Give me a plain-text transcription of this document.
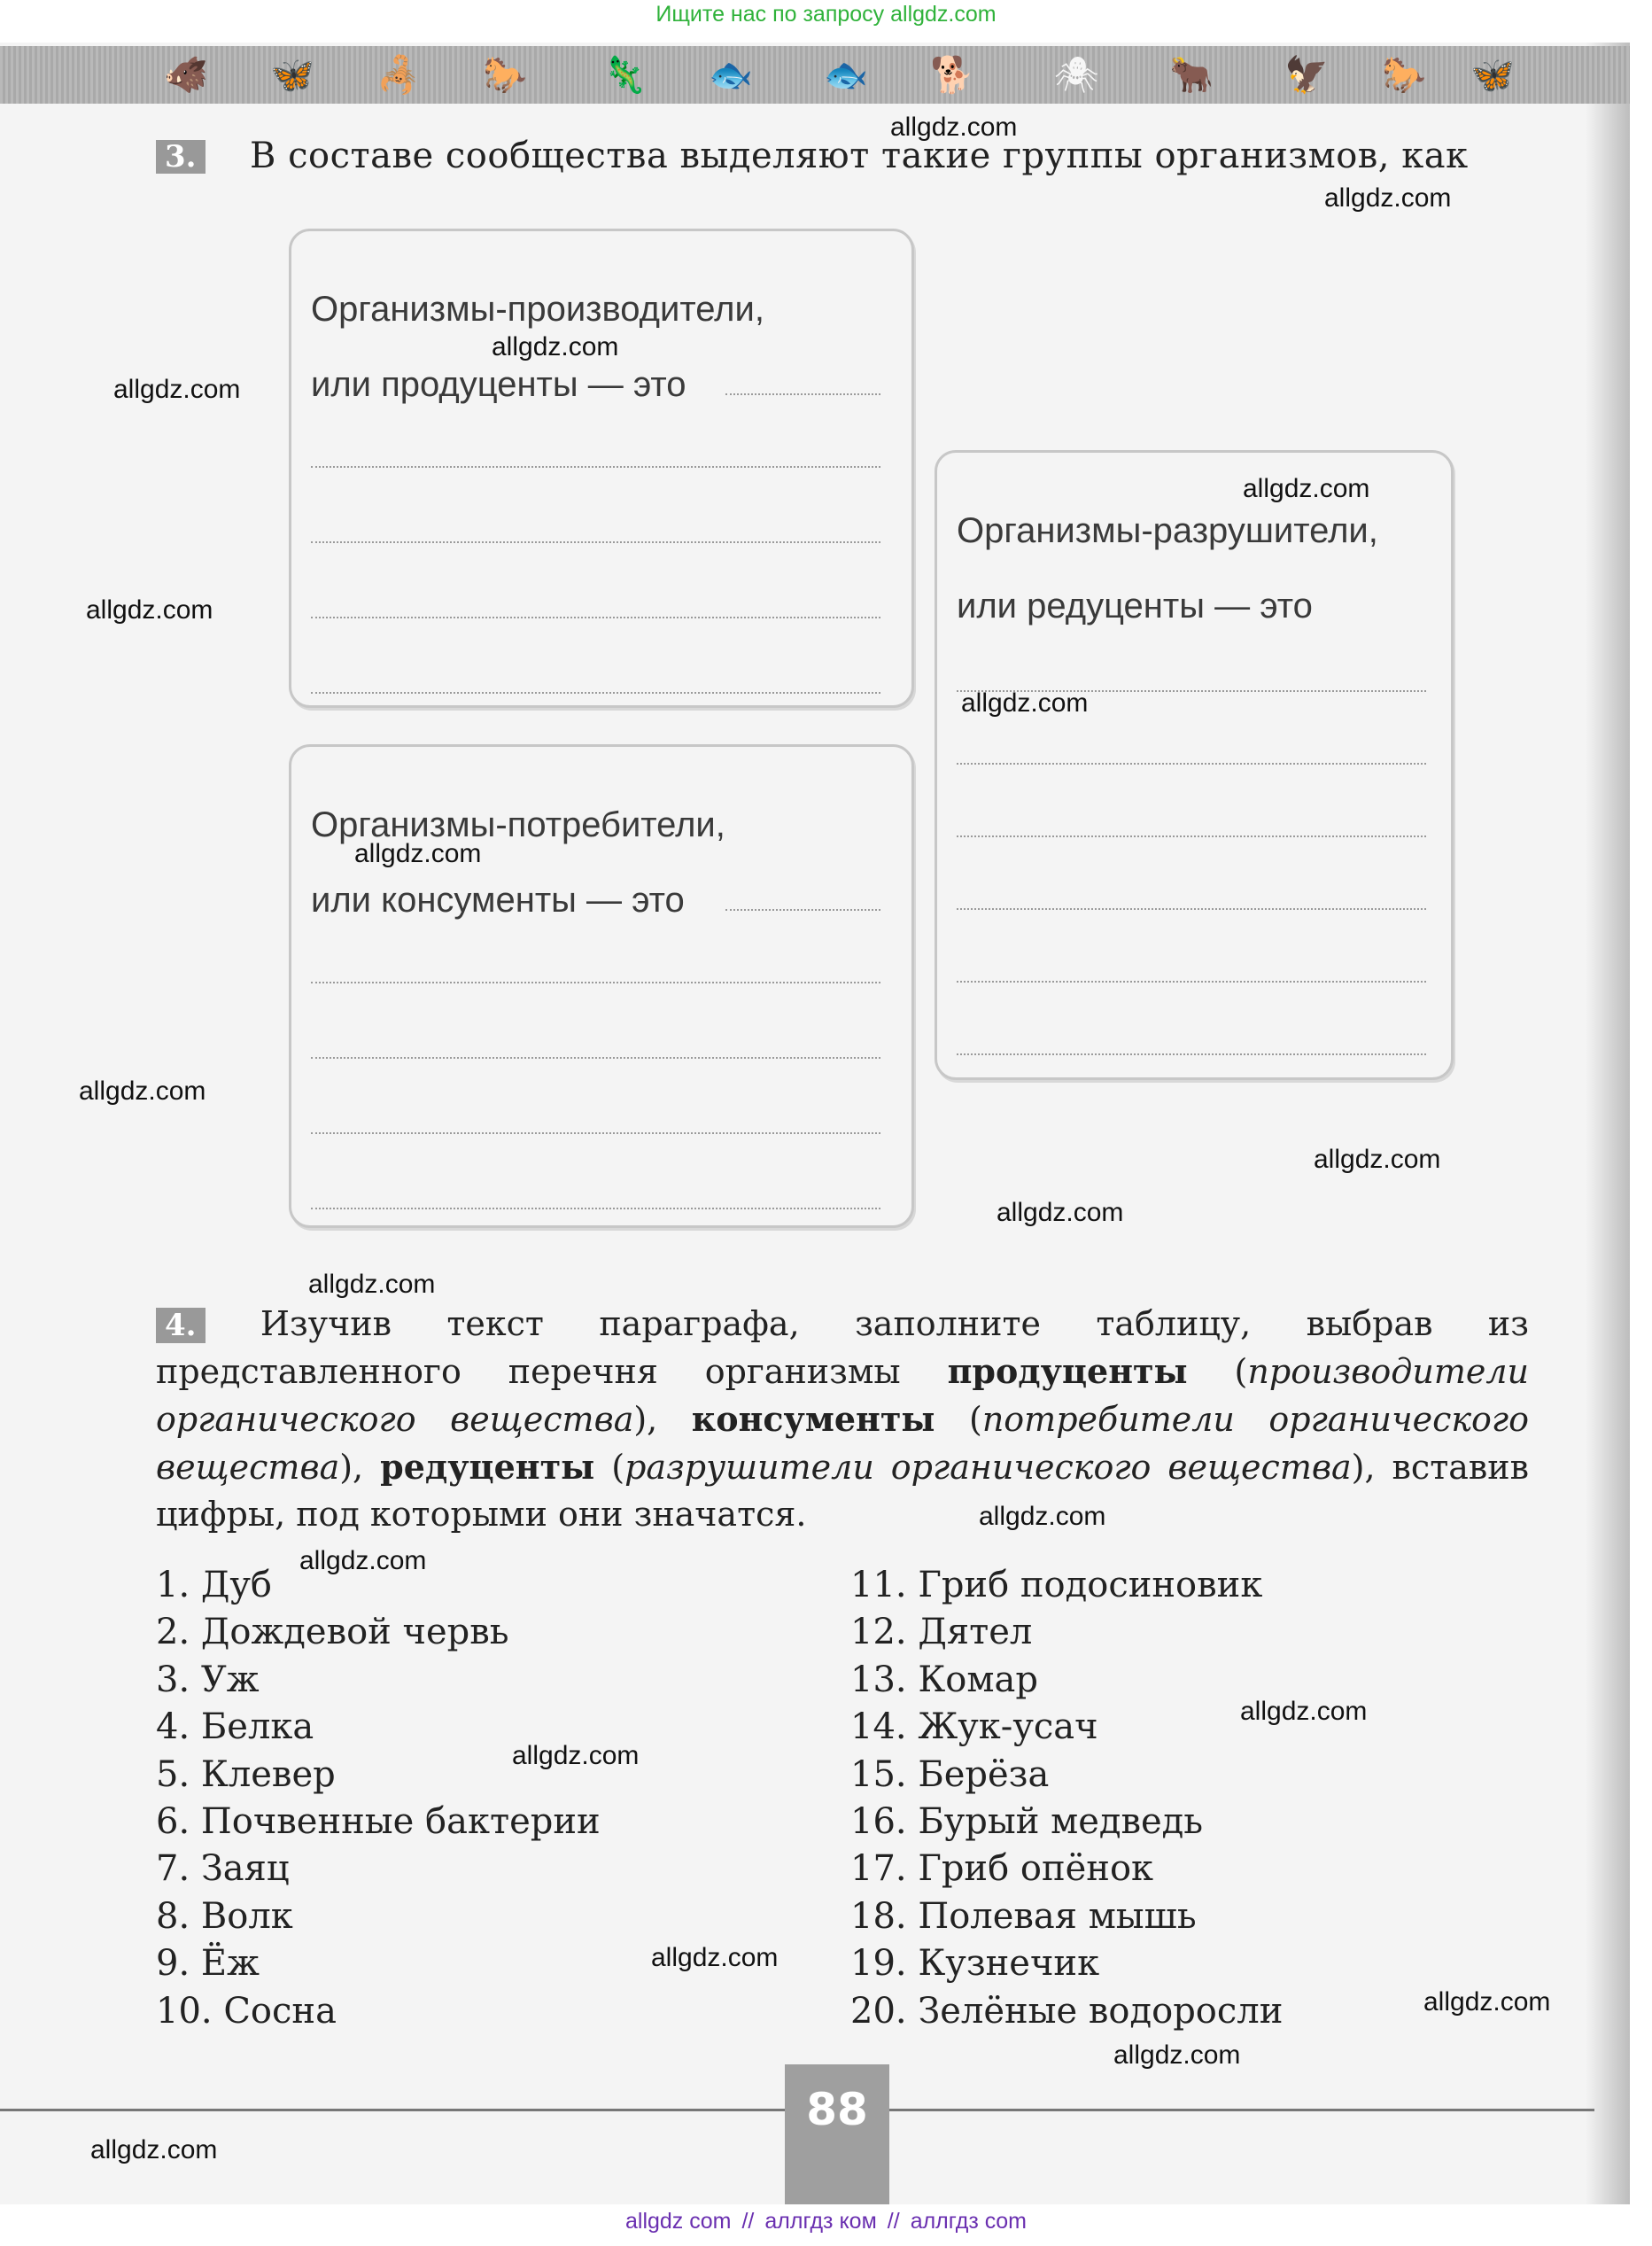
Ищите нас по запросу allgdz.com
🐗 🦋 🦂 🐎 🦎 🐟 🐟 🐕 🕷 🐂 🦅 🐎 🦋
3. В составе сообщества выделяют такие группы организмов, как
Организмы-производители,
или продуценты — это
Организмы-потребители,
или консументы — это
Организмы-разрушители,
или редуценты — это
4. Изучив текст параграфа, заполните таблицу, выбрав из представленного перечня организмы продуценты (производители органического вещества), консументы (потребители органического вещества), редуценты (разрушители органического вещества), вставив цифры, под которыми они значатся.
1. Дуб
2. Дождевой червь
3. Уж
4. Белка
5. Клевер
6. Почвенные бактерии
7. Заяц
8. Волк
9. Ёж
10. Сосна
11. Гриб подосиновик
12. Дятел
13. Комар
14. Жук-усач
15. Берёза
16. Бурый медведь
17. Гриб опёнок
18. Полевая мышь
19. Кузнечик
20. Зелёные водоросли
88
allgdz.com
allgdz.com
allgdz.com
allgdz.com
allgdz.com
allgdz.com
allgdz.com
allgdz.com
allgdz.com
allgdz.com
allgdz.com
allgdz.com
allgdz.com
allgdz.com
allgdz.com
allgdz.com
allgdz.com
allgdz.com
allgdz.com
allgdz.com
allgdz com // аллгдз ком // аллгдз com
